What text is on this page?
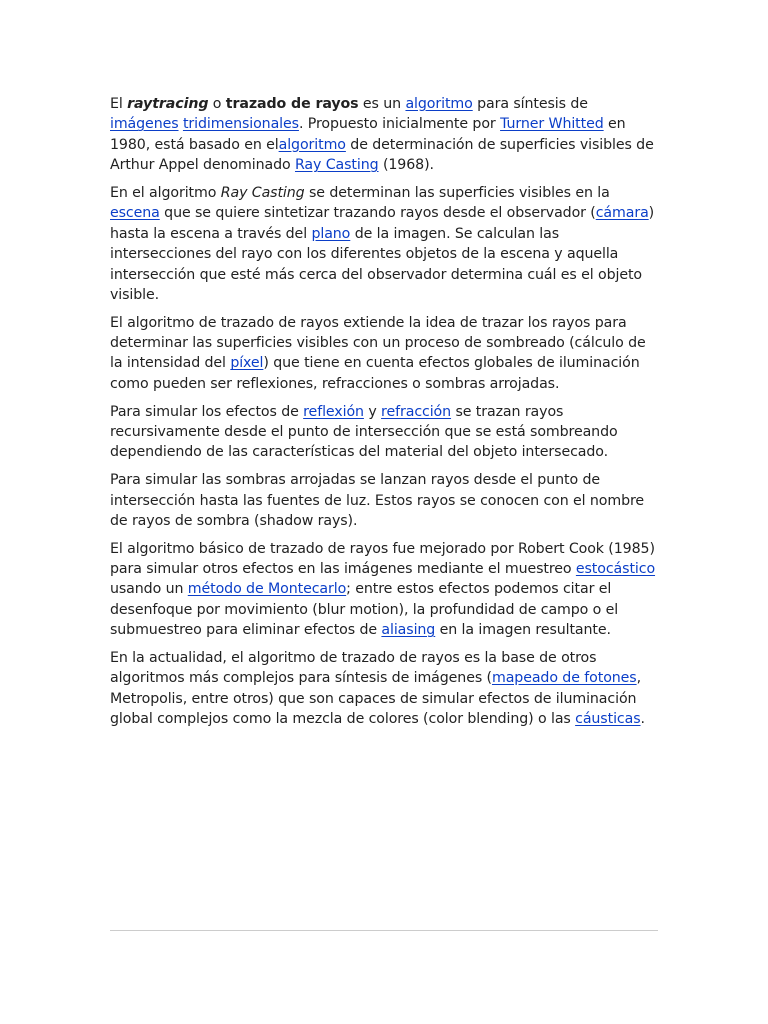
El raytracing o trazado de rayos es un algoritmo para síntesis de imágenes tridimensionales. Propuesto inicialmente por Turner Whitted en 1980, está basado en elalgoritmo de determinación de superficies visibles de Arthur Appel denominado Ray Casting (1968).

En el algoritmo Ray Casting se determinan las superficies visibles en la escena que se quiere sintetizar trazando rayos desde el observador (cámara) hasta la escena a través del plano de la imagen. Se calculan las intersecciones del rayo con los diferentes objetos de la escena y aquella intersección que esté más cerca del observador determina cuál es el objeto visible.

El algoritmo de trazado de rayos extiende la idea de trazar los rayos para determinar las superficies visibles con un proceso de sombreado (cálculo de la intensidad del píxel) que tiene en cuenta efectos globales de iluminación como pueden ser reflexiones, refracciones o sombras arrojadas.

Para simular los efectos de reflexión y refracción se trazan rayos recursivamente desde el punto de intersección que se está sombreando dependiendo de las características del material del objeto intersecado.

Para simular las sombras arrojadas se lanzan rayos desde el punto de intersección hasta las fuentes de luz. Estos rayos se conocen con el nombre de rayos de sombra (shadow rays).

El algoritmo básico de trazado de rayos fue mejorado por Robert Cook (1985) para simular otros efectos en las imágenes mediante el muestreo estocástico usando un método de Montecarlo; entre estos efectos podemos citar el desenfoque por movimiento (blur motion), la profundidad de campo o el submuestreo para eliminar efectos de aliasing en la imagen resultante.

En la actualidad, el algoritmo de trazado de rayos es la base de otros algoritmos más complejos para síntesis de imágenes (mapeado de fotones, Metropolis, entre otros) que son capaces de simular efectos de iluminación global complejos como la mezcla de colores (color blending) o las cáusticas.
